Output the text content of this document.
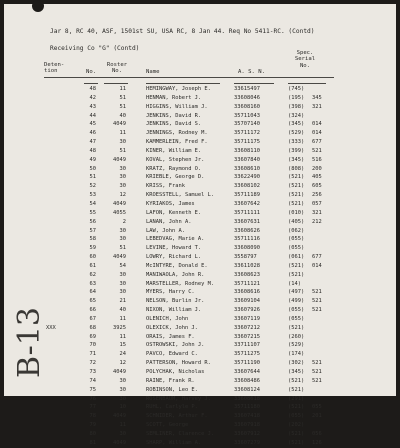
Jar 8, RC 40, ASF, 1501st SU, USA RC, 8 Jan 44. Req No 5411-RC. (Contd)
Receiving Co "G" (Contd)
Spec.
Serial
No.
Deten-
tion
Roster
No.
No.	Name	A. S. N.
48	11	HEMINGWAY, Joseph E.	33615497	(745)
42	51	HENMAN, Robert J.	33608046	(195) 345
43	51	HIGGINS, William J.	33608160	(398) 321
44	40	JENKINS, David R.	35711043	(324)
45	4049	JENKINS, David S.	35707140	(345) 014
46	11	JENNINGS, Rodney M.	35711172	(529) 014
47	30	KAMMERLEIN, Fred F.	35711175	(333) 677
48	51	KINER, William E.	33608110	(399) 521
49	4049	KOVAL, Stephen Jr.	33607840	(345) 516
50	30	KRATZ, Raymond O.	33608610	(808) 200
51	30	KRIEBLE, George D.	33622490	(521) 405
52	30	KRISS, Frank	33608102	(521) 605
53	12	KROESSTELL, Samuel L.	35711189	(521) 256
54	4049	KYRIAKOS, James	33607642	(521) 057
55	4055	LAFON, Kenneth E.	35711111	(010) 321
56	2	LANAN, John A.	33607631	(405) 212
57	30	LAW, John A.	33608626	(062)
58	30	LEBEDVAG, Marie A.	35711116	(055)
59	51	LEVINE, Howard T.	33608090	(055)
60	4049	LOWRY, Richard L.	3558797	(061) 677
61	54	McINTYRE, Donald E.	33611028	(521) 014
62	30	MANIWAOLA, John R.	33608623	(521)
63	30	MARSTELLER, Rodney M.	35711121	(14)
64	30	MYERS, Harry C.	33608616	(497) 521
65	21	NELSON, Burlin Jr.	33609104	(499) 521
66	40	NIXON, William J.	33607926	(055) 521
67	11	OLENICH, John	33607119	(055)
XXX	68	3925	OLEXICK, John J.	33607212	(521)
69	11	ORAIS, James F.	33607215	(260)
70	15	OSTROWSKI, John J.	33711107	(529)
71	24	PAVCO, Edward C.	35711275	(174)
72	12	PATTERSON, Howard R.	35711190	(302) 521
73	4049	POLYCHAK, Nicholas	33607644	(345) 521
74	30	RAINE, Frank R.	33608486	(521) 521
75	30	ROBINSON, Leo E.	33608124	(521)
76	30	ROSENBAUM, Harvey J.	33608618	(291)
77	10	RUHL, Carlyle P.	35711180	(521) 055
78	4049	SCHNIDER, Arthur F.	33607418	(055) 201
79	11	SCOTT, George	33607918	(202)
80	30	SEMLINER, Clarence J.	33607912	(521) 056
81	4049	SHARP, William A.	33607279	(521) 126
B-13
